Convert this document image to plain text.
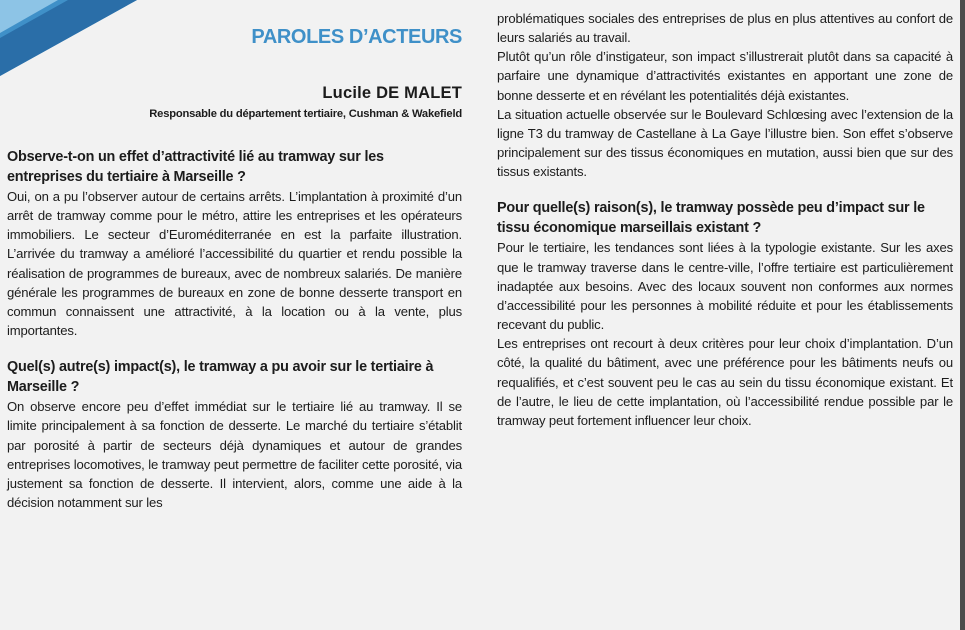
PAROLES D’ACTEURS
Lucile DE MALET
Responsable du département tertiaire, Cushman & Wakefield

Observe-t-on un effet d’attractivité lié au tramway sur les entreprises du tertiaire à Marseille ?

Oui, on a pu l’observer autour de certains arrêts. L’implantation à proximité d’un arrêt de tramway comme pour le métro, attire les entreprises et les opérateurs immobiliers. Le secteur d’Euroméditerranée en est la parfaite illustration. L’arrivée du tramway a amélioré l’accessibilité du quartier et rendu possible la réalisation de programmes de bureaux, avec de nombreux salariés. De manière générale les programmes de bureaux en zone de bonne desserte transport en commun connaissent une attractivité, à la location ou à la vente, plus importantes.

Quel(s) autre(s) impact(s), le tramway a pu avoir sur le tertiaire à Marseille ?

On observe encore peu d’effet immédiat sur le tertiaire lié au tramway. Il se limite principalement à sa fonction de desserte. Le marché du tertiaire s’établit par porosité à partir de secteurs déjà dynamiques et autour de grandes entreprises locomotives, le tramway peut permettre de faciliter cette porosité, via justement sa fonction de desserte. Il intervient, alors, comme une aide à la décision notamment sur les

problématiques sociales des entreprises de plus en plus attentives au confort de leurs salariés au travail.

Plutôt qu’un rôle d’instigateur, son impact s’illustrerait plutôt dans sa capacité à parfaire une dynamique d’attractivités existantes en apportant une zone de bonne desserte et en révélant les potentialités déjà existantes.

La situation actuelle observée sur le Boulevard Schlœsing avec l’extension de la ligne T3 du tramway de Castellane à La Gaye l’illustre bien. Son effet s’observe principalement sur des tissus économiques en mutation, aussi bien que sur des tissus existants.

Pour quelle(s) raison(s), le tramway possède peu d’impact sur le tissu économique marseillais existant ?

Pour le tertiaire, les tendances sont liées à la typologie existante. Sur les axes que le tramway traverse dans le centre-ville, l’offre tertiaire est particulièrement inadaptée aux besoins. Avec des locaux souvent non conformes aux normes d’accessibilité pour les personnes à mobilité réduite et pour les établissements recevant du public.

Les entreprises ont recourt à deux critères pour leur choix d’implantation. D’un côté, la qualité du bâtiment, avec une préférence pour les bâtiments neufs ou requalifiés, et c’est souvent peu le cas au sein du tissu économique existant. Et de l’autre, le lieu de cette implantation, où l’accessibilité rendue possible par le tramway peut fortement influencer leur choix.
